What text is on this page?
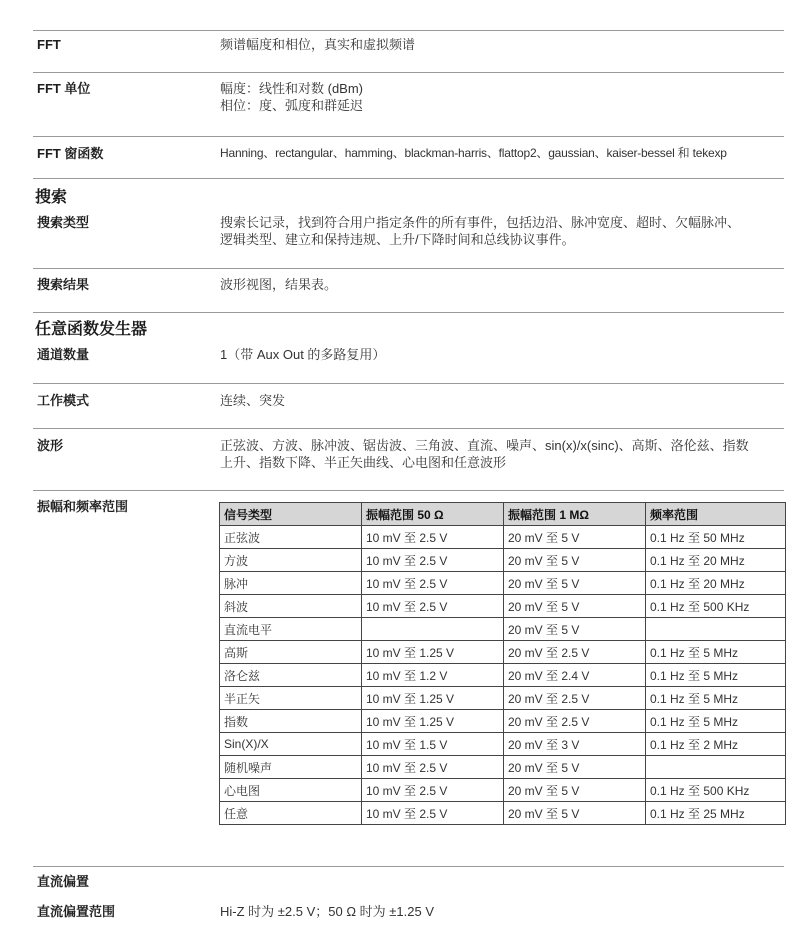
FFT	频谱幅度和相位，真实和虚拟频谱
FFT 单位	幅度：线性和对数 (dBm)
相位：度、弧度和群延迟
FFT 窗函数	Hanning、rectangular、hamming、blackman-harris、flattop2、gaussian、kaiser-bessel 和 tekexp
搜索
搜索类型	搜索长记录，找到符合用户指定条件的所有事件，包括边沿、脉冲宽度、超时、欠幅脉冲、
逻辑类型、建立和保持违规、上升/下降时间和总线协议事件。
搜索结果	波形视图，结果表。
任意函数发生器
通道数量	1（带 Aux Out 的多路复用）
工作模式	连续、突发
波形	正弦波、方波、脉冲波、锯齿波、三角波、直流、噪声、sin(x)/x(sinc)、高斯、洛伦兹、指数
上升、指数下降、半正矢曲线、心电图和任意波形
振幅和频率范围
信号类型	振幅范围 50 Ω	振幅范围 1 MΩ	频率范围
正弦波	10 mV 至 2.5 V	20 mV 至 5 V	0.1 Hz 至 50 MHz
方波	10 mV 至 2.5 V	20 mV 至 5 V	0.1 Hz 至 20 MHz
脉冲	10 mV 至 2.5 V	20 mV 至 5 V	0.1 Hz 至 20 MHz
斜波	10 mV 至 2.5 V	20 mV 至 5 V	0.1 Hz 至 500 KHz
直流电平		20 mV 至 5 V	
高斯	10 mV 至 1.25 V	20 mV 至 2.5 V	0.1 Hz 至 5 MHz
洛仑兹	10 mV 至 1.2 V	20 mV 至 2.4 V	0.1 Hz 至 5 MHz
半正矢	10 mV 至 1.25 V	20 mV 至 2.5 V	0.1 Hz 至 5 MHz
指数	10 mV 至 1.25 V	20 mV 至 2.5 V	0.1 Hz 至 5 MHz
Sin(X)/X	10 mV 至 1.5 V	20 mV 至 3 V	0.1 Hz 至 2 MHz
随机噪声	10 mV 至 2.5 V	20 mV 至 5 V	
心电图	10 mV 至 2.5 V	20 mV 至 5 V	0.1 Hz 至 500 KHz
任意	10 mV 至 2.5 V	20 mV 至 5 V	0.1 Hz 至 25 MHz
直流偏置
直流偏置范围	Hi-Z 时为 ±2.5 V；50 Ω 时为 ±1.25 V
